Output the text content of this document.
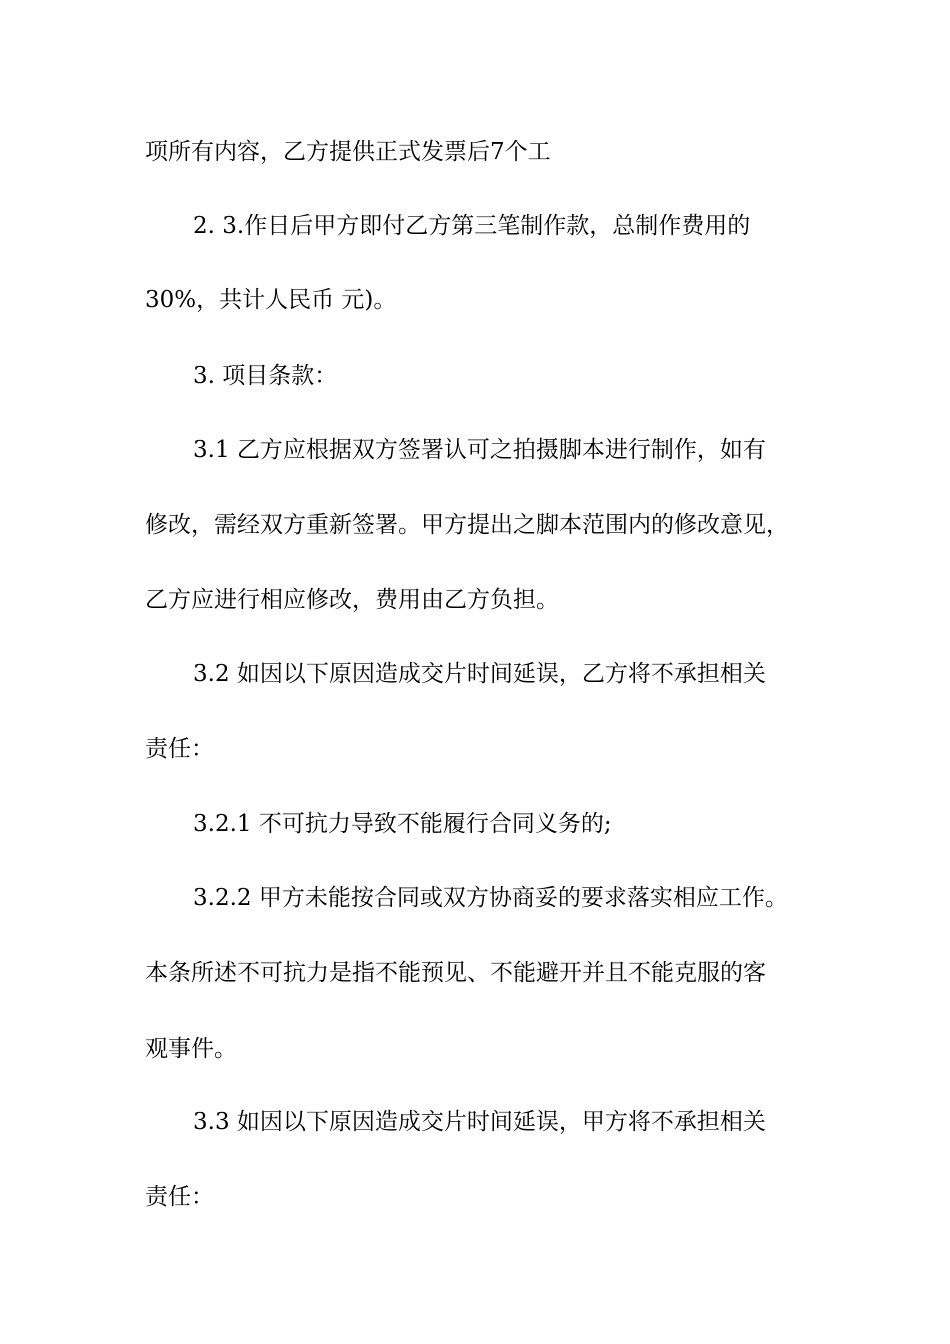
项所有内容，乙方提供正式发票后7个工
2. 3.作日后甲方即付乙方第三笔制作款，总制作费用的
30%，共计人民币 元)。
3. 项目条款：
3.1 乙方应根据双方签署认可之拍摄脚本进行制作，如有
修改，需经双方重新签署。甲方提出之脚本范围内的修改意见，
乙方应进行相应修改，费用由乙方负担。
3.2 如因以下原因造成交片时间延误，乙方将不承担相关
责任：
3.2.1 不可抗力导致不能履行合同义务的;
3.2.2 甲方未能按合同或双方协商妥的要求落实相应工作。
本条所述不可抗力是指不能预见、不能避开并且不能克服的客
观事件。
3.3 如因以下原因造成交片时间延误，甲方将不承担相关
责任：
